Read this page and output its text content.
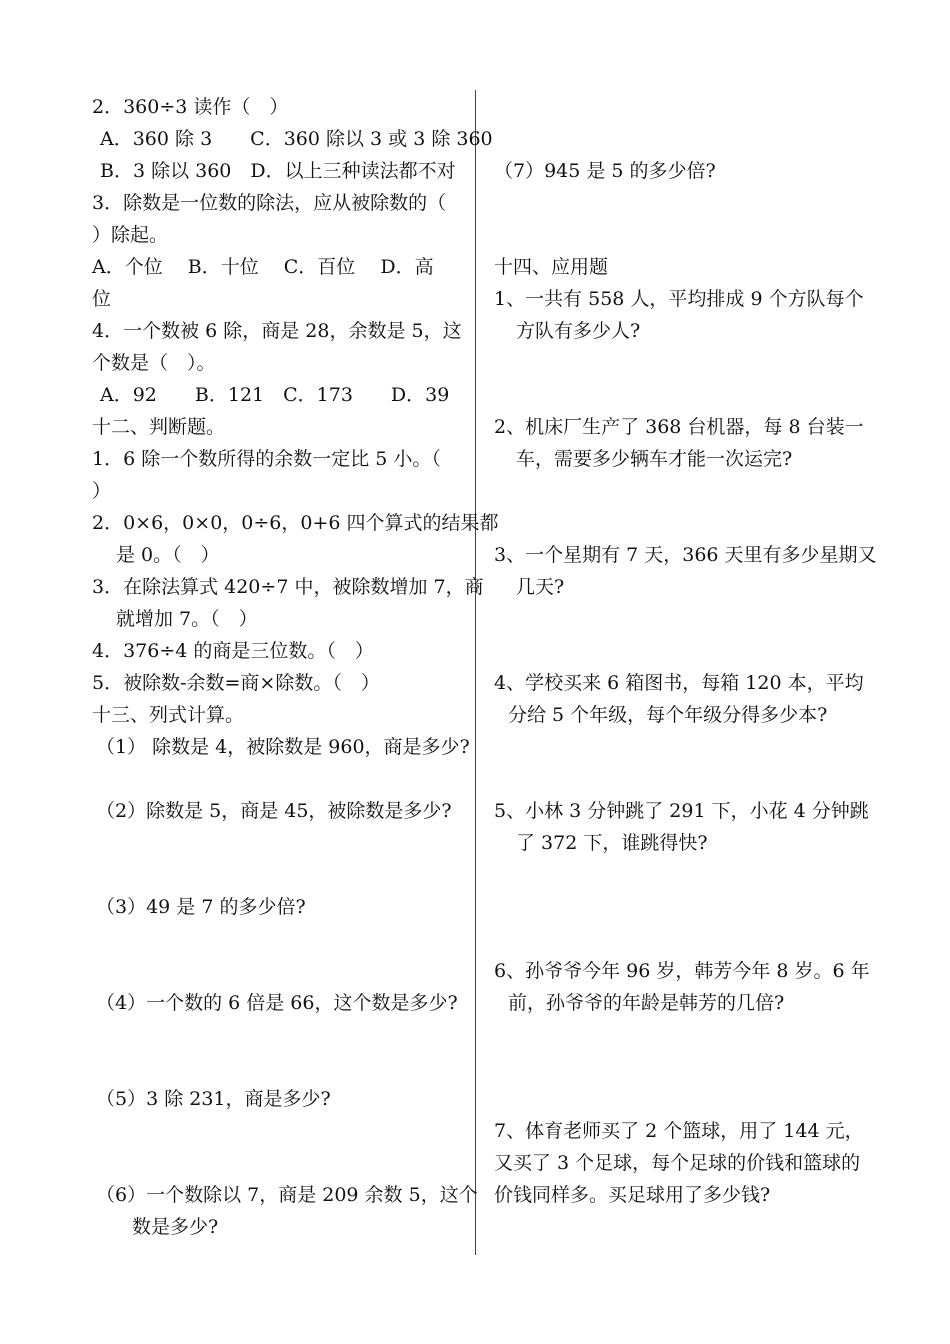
2．360÷3 读作（　）
A．360 除 3　　C．360 除以 3 或 3 除 360
B．3 除以 360　D．以上三种读法都不对
3．除数是一位数的除法，应从被除数的（
）除起。
A．个位　 B．十位　 C．百位　 D．高
位
4．一个数被 6 除，商是 28，余数是 5，这
个数是（　）。
A．92　　B．121　C．173　　D．39
十二、判断题。
1．6 除一个数所得的余数一定比 5 小。（
）
2．0×6，0×0，0÷6，0+6 四个算式的结果都
是 0。（　）
3．在除法算式 420÷7 中，被除数增加 7，商
就增加 7。（　）
4．376÷4 的商是三位数。（　）
5．被除数-余数=商×除数。（　）
十三、列式计算。
（1） 除数是 4，被除数是 960，商是多少?
（2）除数是 5，商是 45，被除数是多少?
（3）49 是 7 的多少倍?
（4）一个数的 6 倍是 66，这个数是多少?
（5）3 除 231，商是多少?
（6）一个数除以 7，商是 209 余数 5，这个
数是多少?
（7）945 是 5 的多少倍?
十四、应用题
1、一共有 558 人，平均排成 9 个方队每个
方队有多少人?
2、机床厂生产了 368 台机器，每 8 台装一
车，需要多少辆车才能一次运完?
3、一个星期有 7 天，366 天里有多少星期又
几天?
4、学校买来 6 箱图书，每箱 120 本，平均
分给 5 个年级，每个年级分得多少本?
5、小林 3 分钟跳了 291 下，小花 4 分钟跳
了 372 下，谁跳得快?
6、孙爷爷今年 96 岁，韩芳今年 8 岁。6 年
前，孙爷爷的年龄是韩芳的几倍?
7、体育老师买了 2 个篮球，用了 144 元，
又买了 3 个足球，每个足球的价钱和篮球的
价钱同样多。买足球用了多少钱?
